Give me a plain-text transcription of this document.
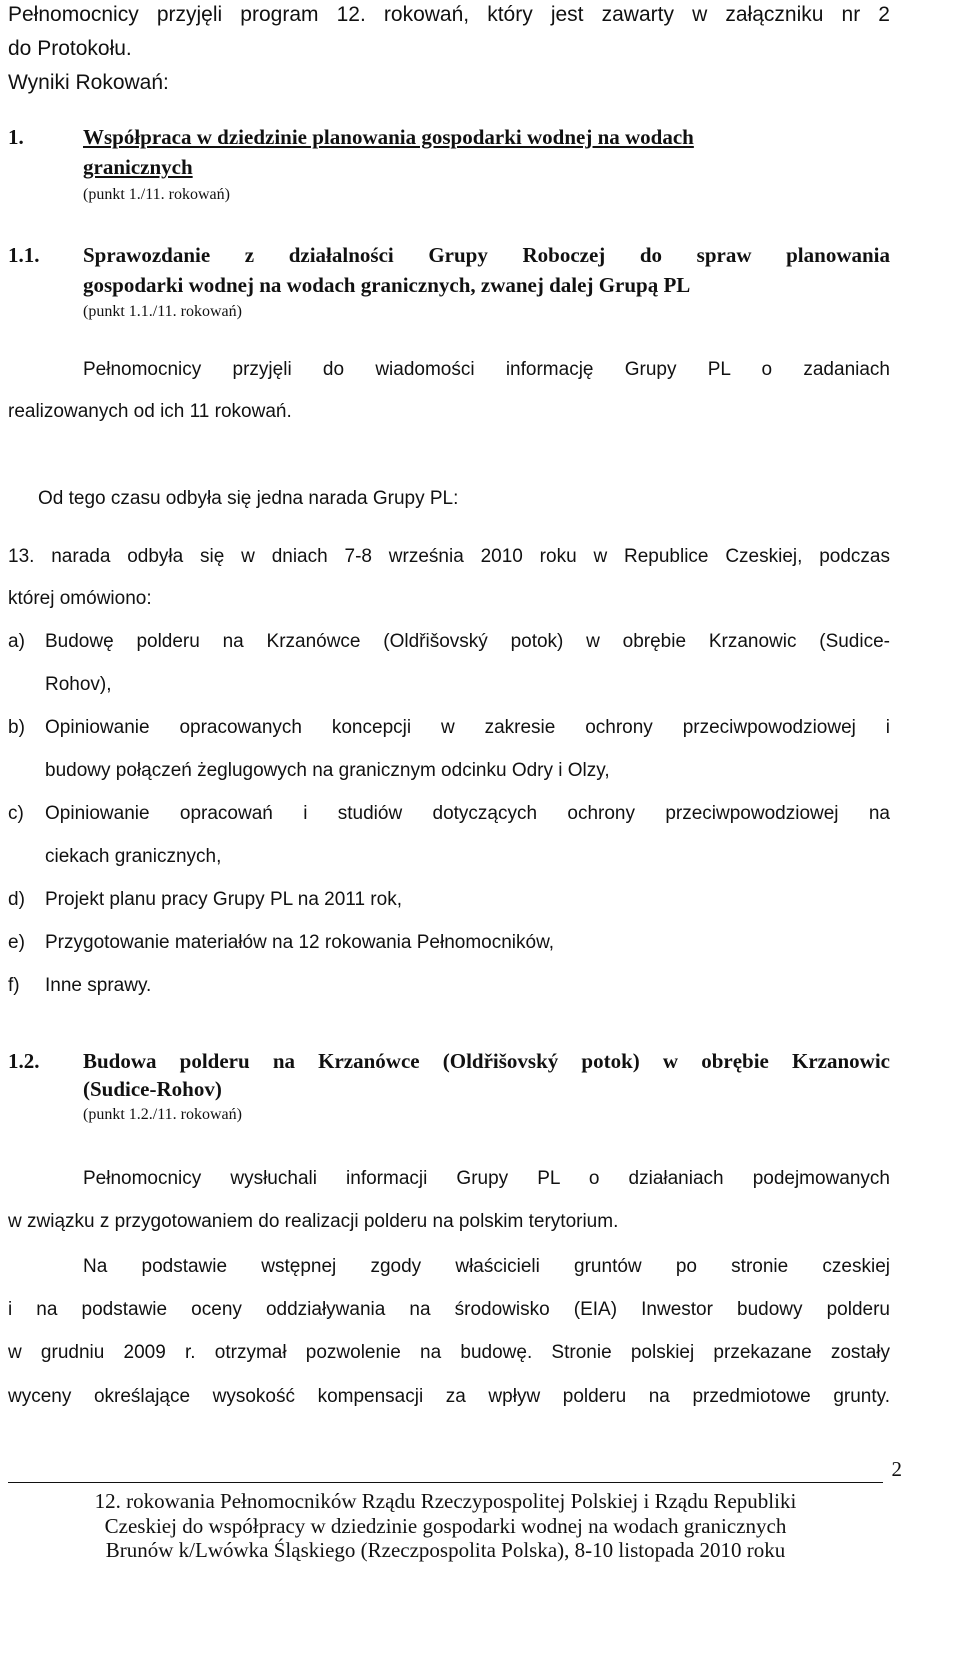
Pełnomocnicy przyjęli program 12. rokowań, który jest zawarty w załączniku nr 2
do Protokołu.
Wyniki Rokowań:
1.	Współpraca w dziedzinie planowania gospodarki wodnej na wodach
granicznych
(punkt 1./11. rokowań)
1.1. Sprawozdanie z działalności Grupy Roboczej do spraw planowania
gospodarki wodnej na wodach granicznych, zwanej dalej Grupą PL
(punkt 1.1./11. rokowań)
Pełnomocnicy przyjęli do wiadomości informację Grupy PL o zadaniach
realizowanych od ich 11 rokowań.
Od tego czasu odbyła się jedna narada Grupy PL:
13. narada odbyła się w dniach 7-8 września 2010 roku w Republice Czeskiej, podczas
której omówiono:
a) Budowę polderu na Krzanówce (Oldřišovský potok) w obrębie Krzanowic (Sudice-
Rohov),
b) Opiniowanie opracowanych koncepcji w zakresie ochrony przeciwpowodziowej i
budowy połączeń żeglugowych na granicznym odcinku Odry i Olzy,
c) Opiniowanie opracowań i studiów dotyczących ochrony przeciwpowodziowej na
ciekach granicznych,
d) Projekt planu pracy Grupy PL na 2011 rok,
e) Przygotowanie materiałów na 12 rokowania Pełnomocników,
f) Inne sprawy.
1.2. Budowa polderu na Krzanówce (Oldřišovský potok) w obrębie Krzanowic
(Sudice-Rohov)
(punkt 1.2./11. rokowań)
Pełnomocnicy wysłuchali informacji Grupy PL o działaniach podejmowanych
w związku z przygotowaniem do realizacji polderu na polskim terytorium.
Na podstawie wstępnej zgody właścicieli gruntów po stronie czeskiej
i na podstawie oceny oddziaływania na środowisko (EIA) Inwestor budowy polderu
w grudniu 2009 r. otrzymał pozwolenie na budowę. Stronie polskiej przekazane zostały
wyceny określające wysokość kompensacji za wpływ polderu na przedmiotowe grunty.
2
12. rokowania Pełnomocników Rządu Rzeczypospolitej Polskiej i Rządu Republiki
Czeskiej do współpracy w dziedzinie gospodarki wodnej na wodach granicznych
Brunów k/Lwówka Śląskiego (Rzeczpospolita Polska), 8-10 listopada 2010 roku
